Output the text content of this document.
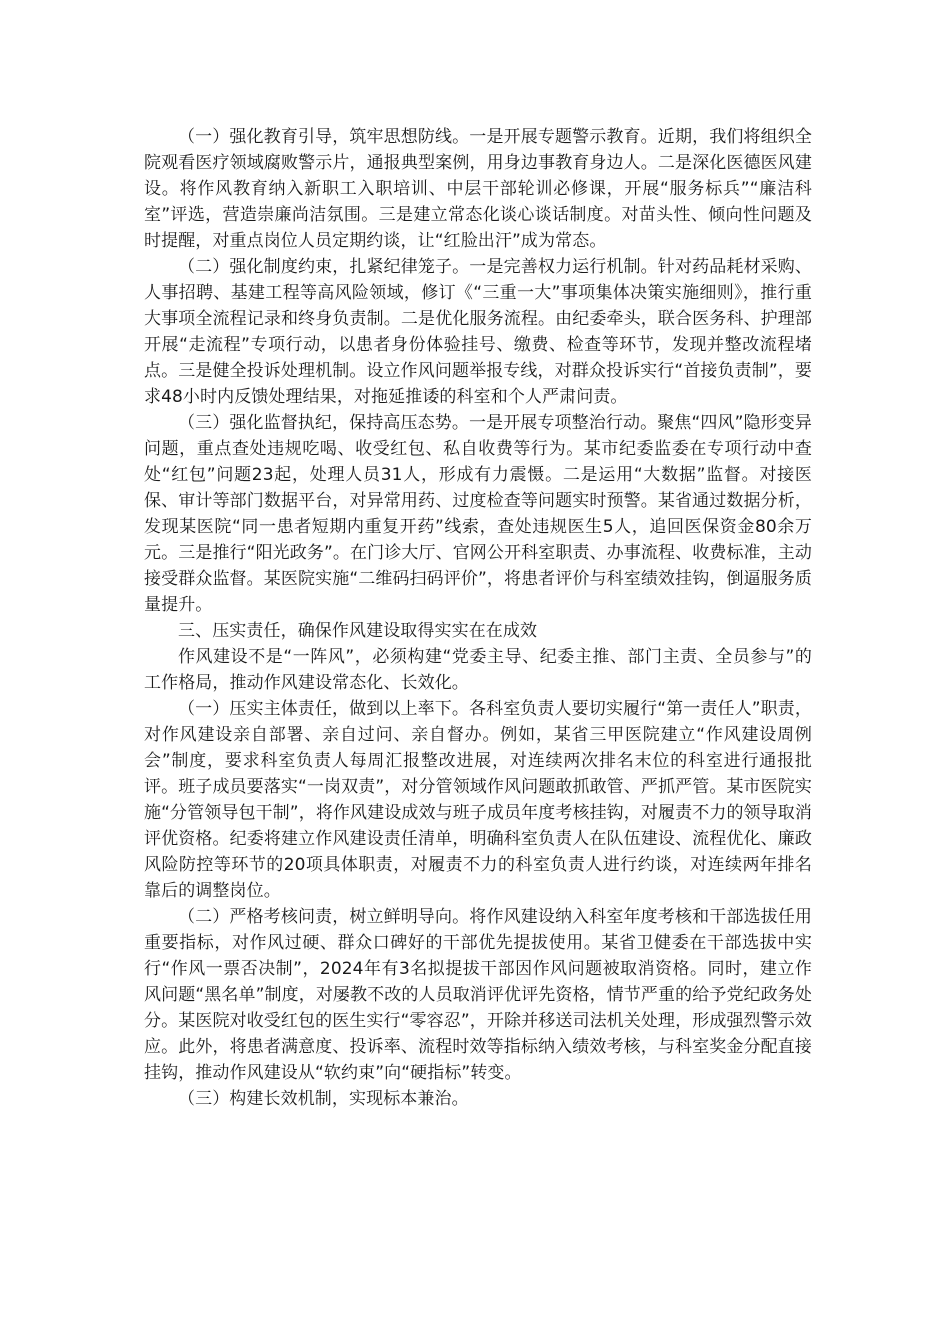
（一）强化教育引导，筑牢思想防线。一是开展专题警示教育。近期，我们将组织全院观看医疗领域腐败警示片，通报典型案例，用身边事教育身边人。二是深化医德医风建设。将作风教育纳入新职工入职培训、中层干部轮训必修课，开展“服务标兵”“廉洁科室”评选，营造崇廉尚洁氛围。三是建立常态化谈心谈话制度。对苗头性、倾向性问题及时提醒，对重点岗位人员定期约谈，让“红脸出汗”成为常态。

（二）强化制度约束，扎紧纪律笼子。一是完善权力运行机制。针对药品耗材采购、人事招聘、基建工程等高风险领域，修订《“三重一大”事项集体决策实施细则》，推行重大事项全流程记录和终身负责制。二是优化服务流程。由纪委牵头，联合医务科、护理部开展“走流程”专项行动，以患者身份体验挂号、缴费、检查等环节，发现并整改流程堵点。三是健全投诉处理机制。设立作风问题举报专线，对群众投诉实行“首接负责制”，要求48小时内反馈处理结果，对拖延推诿的科室和个人严肃问责。

（三）强化监督执纪，保持高压态势。一是开展专项整治行动。聚焦“四风”隐形变异问题，重点查处违规吃喝、收受红包、私自收费等行为。某市纪委监委在专项行动中查处“红包”问题23起，处理人员31人，形成有力震慑。二是运用“大数据”监督。对接医保、审计等部门数据平台，对异常用药、过度检查等问题实时预警。某省通过数据分析，发现某医院“同一患者短期内重复开药”线索，查处违规医生5人，追回医保资金80余万元。三是推行“阳光政务”。在门诊大厅、官网公开科室职责、办事流程、收费标准，主动接受群众监督。某医院实施“二维码扫码评价”，将患者评价与科室绩效挂钩，倒逼服务质量提升。

三、压实责任，确保作风建设取得实实在在成效

作风建设不是“一阵风”，必须构建“党委主导、纪委主推、部门主责、全员参与”的工作格局，推动作风建设常态化、长效化。

（一）压实主体责任，做到以上率下。各科室负责人要切实履行“第一责任人”职责，对作风建设亲自部署、亲自过问、亲自督办。例如，某省三甲医院建立“作风建设周例会”制度，要求科室负责人每周汇报整改进展，对连续两次排名末位的科室进行通报批评。班子成员要落实“一岗双责”，对分管领域作风问题敢抓敢管、严抓严管。某市医院实施“分管领导包干制”，将作风建设成效与班子成员年度考核挂钩，对履责不力的领导取消评优资格。纪委将建立作风建设责任清单，明确科室负责人在队伍建设、流程优化、廉政风险防控等环节的20项具体职责，对履责不力的科室负责人进行约谈，对连续两年排名靠后的调整岗位。

（二）严格考核问责，树立鲜明导向。将作风建设纳入科室年度考核和干部选拔任用重要指标，对作风过硬、群众口碑好的干部优先提拔使用。某省卫健委在干部选拔中实行“作风一票否决制”，2024年有3名拟提拔干部因作风问题被取消资格。同时，建立作风问题“黑名单”制度，对屡教不改的人员取消评优评先资格，情节严重的给予党纪政务处分。某医院对收受红包的医生实行“零容忍”，开除并移送司法机关处理，形成强烈警示效应。此外，将患者满意度、投诉率、流程时效等指标纳入绩效考核，与科室奖金分配直接挂钩，推动作风建设从“软约束”向“硬指标”转变。

（三）构建长效机制，实现标本兼治。
